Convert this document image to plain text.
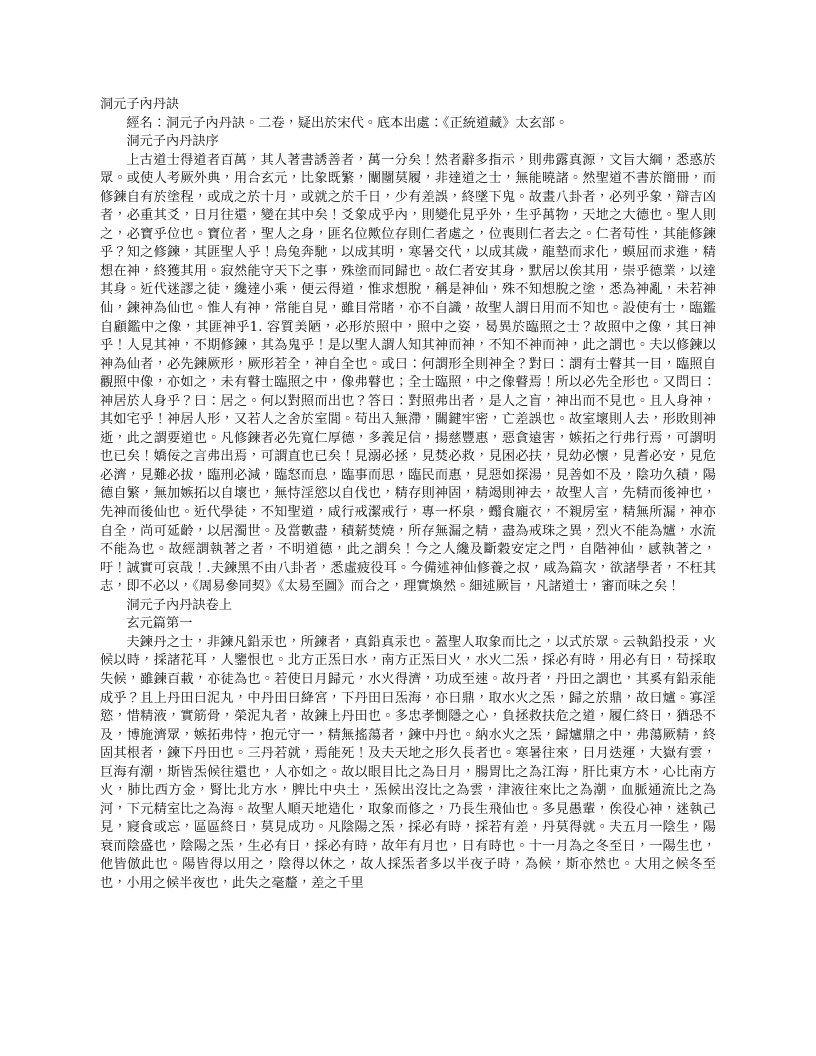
洞元子內丹訣
經名：洞元子內丹訣。二卷，疑出於宋代。底本出處：《正統道藏》太玄部。
洞元子內丹訣序

上古道士得道者百萬，其人著書誘善者，萬一分矣！然者辭多指示，則弗露真源，文旨大綱，悉惑於眾。或使人考厥外典，用合玄元，比象既繁，闡闉莫履，非達道之士，無能曉諸。然聖道不書於簡冊，而修鍊自有於塗程，或成之於十月，或就之於千日，少有差誤，終墜下鬼。故畫八卦者，必列乎象，辯吉凶者，必重其爻，日月往還，變在其中矣！爻象成乎內，則變化見乎外，生乎萬物，天地之大德也。聖人則之，必寶乎位也。寶位者，聖人之身，匪名位歟位存則仁者處之，位喪則仁者去之。仁者苟性，其能修鍊乎？知之修鍊，其匪聖人乎！烏兔奔馳，以成其明，寒暑交代，以成其歲，龍墊而求化，蟆屈而求進，精想在神，終獲其用。寂然能守天下之事，殊塗而同歸也。故仁者安其身，默居以俟其用，崇乎德業，以達其身。近代迷謬之徒，纔達小乘，便云得道，惟求想脫，稱是神仙，殊不知想脫之塗，悉為神亂，未若神仙，鍊神為仙也。惟人有神，常能自見，雖目常睹，亦不自識，故聖人謂日用而不知也。設使有士，臨鑑自顧鑑中之像，其匪神乎1. 容質美陋，必形於照中，照中之姿，曷異於臨照之士？故照中之像，其曰神乎！人見其神，不期修鍊，其為鬼乎！是以聖人謂人知其神而神，不知不神而神，此之謂也。夫以修鍊以神為仙者，必先鍊厥形，厥形若全，神自全也。或曰：何謂形全則神全？對曰：謂有士瞽其一目，臨照自觀照中像，亦如之，未有瞽士臨照之中，像弗瞽也；全士臨照，中之像瞽焉！所以必先全形也。又問曰：神居於人身乎？曰：居之。何以對照而出也？答曰：對照弗出者，是人之盲，神出而不見也。且人身神，其如宅乎！神居人形，又若人之舍於室閭。苟出入無滯，關鍵牢密，亡差誤也。故室壞則人去，形敗則神逝，此之謂要道也。凡修鍊者必先寬仁厚德，多義足信，揚慈豐惠，惡貪遠害，嫉拓之行弗行焉，可謂明也已矣！嬌佞之言弗出焉，可謂直也已矣！見溺必拯，見焚必救，見困必扶，見幼必懷，見耆必安，見危必濟，見難必拔，臨刑必減，臨怒而息，臨事而思，臨民而惠，見惡如探湯，見善如不及，陰功久積，陽德自繁，無加嫉拓以自壞也，無恃淫慾以自伐也，精存則神固，精竭則神去，故聖人言，先精而後神也，先神而後仙也。近代學徒，不知聖道，咸行戒潔戒行，專一杯泉，蠮食龐衣，不親房室，精無所漏，神亦自全，尚可延齡，以居濁世。及當數盡，積薪焚燒，所存無漏之精，盡為戒珠之異，烈火不能為爐，水流不能為也。故經謂執著之者，不明道德，此之謂矣！今之人纔及斷穀安定之門，自階神仙，感執著之，吁！誠實可哀哉！.夫鍊黑不由八卦者，悉虛疲役耳。今備述神仙修養之叔，咸為篇次，欲諸學者，不枉其志，即不必以，《周易參同契》《太易至圖》而合之，理實煥然。細述厥旨，凡諸道士，審而味之矣！

洞元子內丹訣卷上
玄元篇第一

夫鍊丹之士，非鍊凡鉛汞也，所鍊者，真鉛真汞也。蓋聖人取象而比之，以式於眾。云執鉛投汞，火候以時，採諸花耳，人鑒恨也。北方正炁曰水，南方正炁曰火，水火二炁，採必有時，用必有日，苟採取失候，雖鍊百載，亦徒為也。若使日月歸元，水火得濟，功成至速。故丹者，丹田之謂也，其奚有鉛汞能成乎？且上丹田曰泥丸，中丹田曰絳宮，下丹田曰炁海，亦曰鼎，取水火之炁，歸之於鼎，故曰爐。寡淫慾，惜精液，實筋骨，榮泥丸者，故鍊上丹田也。多忠孝惻隱之心，負拯救扶危之道，履仁終日，猶恐不及，博施濟眾，嫉拓弗恃，抱元守一，精無搖蕩者，鍊中丹也。納水火之炁，歸爐鼎之中，弗蕩厥精，終固其根者，鍊下丹田也。三丹若就，焉能死！及夫天地之形久長者也。寒暑往來，日月迭運，大嶽有雲，巨海有潮，斯皆炁候往還也，人亦如之。故以眼目比之為日月，腸胃比之為江海，肝比東方木，心比南方火，肺比西方金，腎比北方水，脾比中央土，炁候出沒比之為雲，津液往來比之為潮，血脈通流比之為河，下元精室比之為海。故聖人順天地造化，取象而修之，乃長生飛仙也。多見愚輩，俟役心神，迷執己見，寢食或忘，區區終日，莫見成功。凡陰陽之炁，採必有時，採若有差，丹莫得就。夫五月一陰生，陽衰而陰盛也，陰陽之炁，生必有日，採必有時，故年有月也，日有時也。十一月為之冬至日，一陽生也，他皆倣此也。陽皆得以用之，陰得以休之，故人採炁者多以半夜子時，為候，斯亦然也。大用之候冬至也，小用之候半夜也，此失之毫釐，差之千里
